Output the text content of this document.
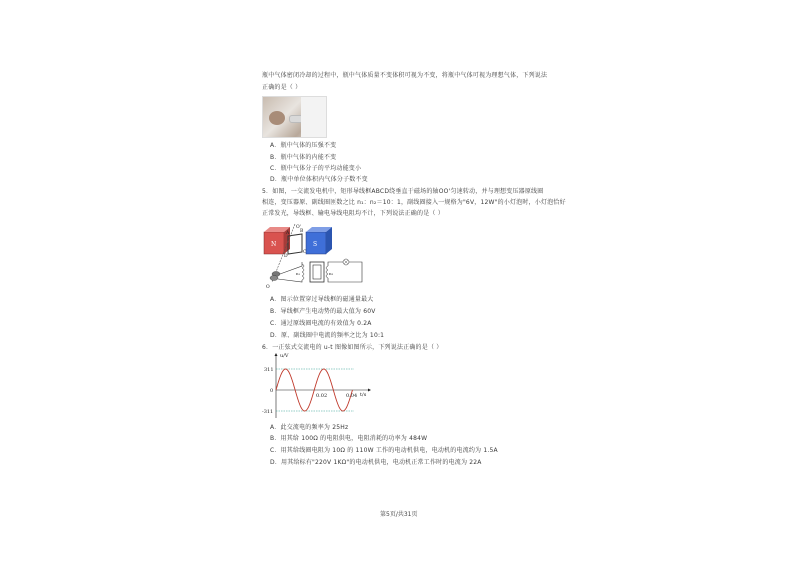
瓶中气体密闭冷却的过程中，瓶中气体质量不变体积可视为不变，将瓶中气体可视为理想气体，下列说法
正确的是（ ）
A．瓶中气体的压强不变
B．瓶中气体的内能不变
C．瓶中气体分子的平均动能变小
D．瓶中单位体积内气体分子数不变
5．如图，一交流发电机中，矩形导线框ABCD绕垂直于磁场的轴OO'匀速转动，并与理想变压器原线圈
相连，变压器原、副线圈匝数之比 n₁：n₂＝10：1，副线圈接入一规格为"6V，12W"的小灯泡时，小灯泡恰好
正常发光，导线框、输电导线电阻均不计，下列说法正确的是（ ）
N	S
A B
C
D
O'
O
n₁	n₂
A．图示位置穿过导线框的磁通量最大
B．导线框产生电动势的最大值为 60V
C．通过原线圈电流的有效值为 0.2A
D．原、副线圈中电流的频率之比为 10:1
6．一正弦式交流电的 u-t 图像如图所示，下列说法正确的是（ ）
u/V
t/s
311
0
-311
0.02	0.04
A．此交流电的频率为 25Hz
B．用其给 100Ω 的电阻供电，电阻消耗的功率为 484W
C．用其给线圈电阻为 10Ω 的 110W 工作的电动机供电，电动机的电流约为 1.5A
D．用其给标有"220V 1KΩ"的电动机供电，电动机正常工作时的电流为 22A
第5页/共31页
